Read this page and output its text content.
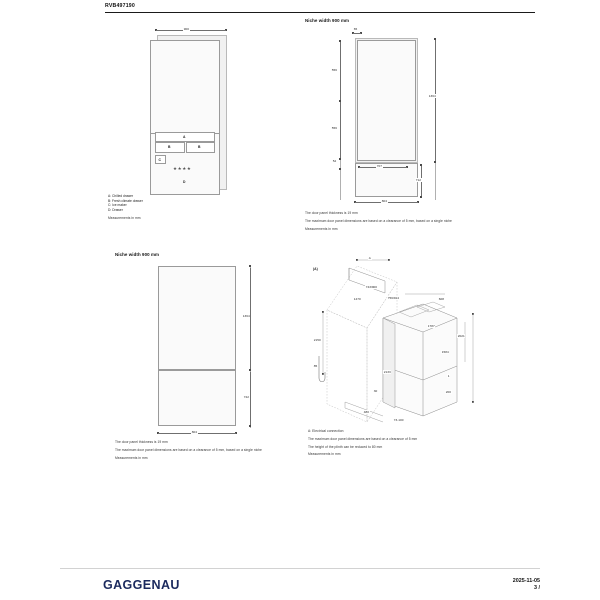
RVB497190
900
A
B	B
C
★★★★
D
A: Chilled drawer
B: Fresh climate drawer
C: Ice maker
D: Drawer
Measurements in mm
Niche width 900 mm
65
556
556
52
1364
707
712
804

The door panel thickness is 19 mm

The maximum door panel dimensions are based on a clearance of 5 mm, based on a single niche

Measurements in mm

Niche width 900 mm
1364
722
804

The door panel thickness is 19 mm

The maximum door panel dimensions are based on a clearance of 5 mm, based on a single niche

Measurements in mm

(A)
A
2150
743/900
1470	756/914	608
1787
2021
1584
1
200
2133
30
480
73-100
85

A: Electrical connection

The maximum door panel dimensions are based on a clearance of 5 mm

The height of the plinth can be reduced to 80 mm

Measurements in mm

GAGGENAU	2025-11-05
3 /
